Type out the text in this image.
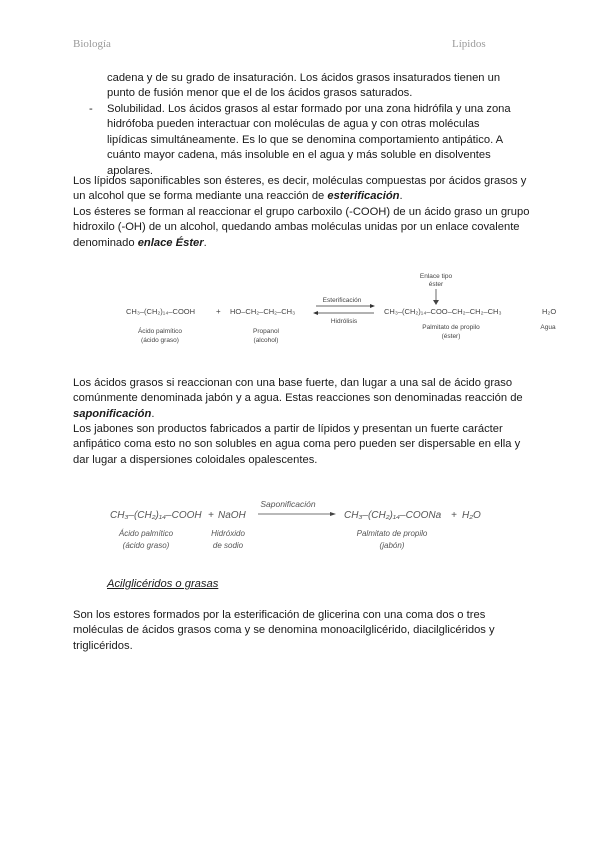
Biología	Lípidos

cadena y de su grado de insaturación. Los ácidos grasos insaturados tienen un punto de fusión menor que el de los ácidos grasos saturados.

- Solubilidad. Los ácidos grasos al estar formado por una zona hidrófila y una zona hidrófoba pueden interactuar con moléculas de agua y con otras moléculas lipídicas simultáneamente. Es lo que se denomina comportamiento antipático. A cuánto mayor cadena, más insoluble en el agua y más soluble en disolventes apolares.

Los lípidos saponificables son ésteres, es decir, moléculas compuestas por ácidos grasos y un alcohol que se forma mediante una reacción de esterificación.

Los ésteres se forman al reaccionar el grupo carboxilo (-COOH) de un ácido graso un grupo hidroxilo (-OH) de un alcohol, quedando ambas moléculas unidas por un enlace covalente denominado enlace Éster.

Enlace tipo
éster
CH₃–(CH₂)₁₄–COOH	+ HO–CH₂–CH₂–CH₃
Esterificación
Hidrólisis
CH₃–(CH₂)₁₄–COO–CH₂–CH₂–CH₃	H₂O
Ácido palmítico
(ácido graso)
Propanol
(alcohol)
Palmitato de propilo
(éster)
Agua

Los ácidos grasos si reaccionan con una base fuerte, dan lugar a una sal de ácido graso comúnmente denominada jabón y a agua. Estas reacciones son denominadas reacción de saponificación.

Los jabones son productos fabricados a partir de lípidos y presentan un fuerte carácter anfipático coma esto no son solubles en agua coma pero pueden ser dispersable en ella y dar lugar a dispersiones coloidales opalescentes.

Saponificación
CH₃–(CH₂)₁₄–COOH + NaOH	CH₃–(CH₂)₁₄–COONa + H₂O
Ácido palmítico
(ácido graso)
Hidróxido
de sodio
Palmitato de propilo
(jabón)
Acilglicéridos o grasas

Son los estores formados por la esterificación de glicerina con una coma dos o tres moléculas de ácidos grasos coma y se denomina monoacilglicérido, diacilglicéridos y triglicéridos.
